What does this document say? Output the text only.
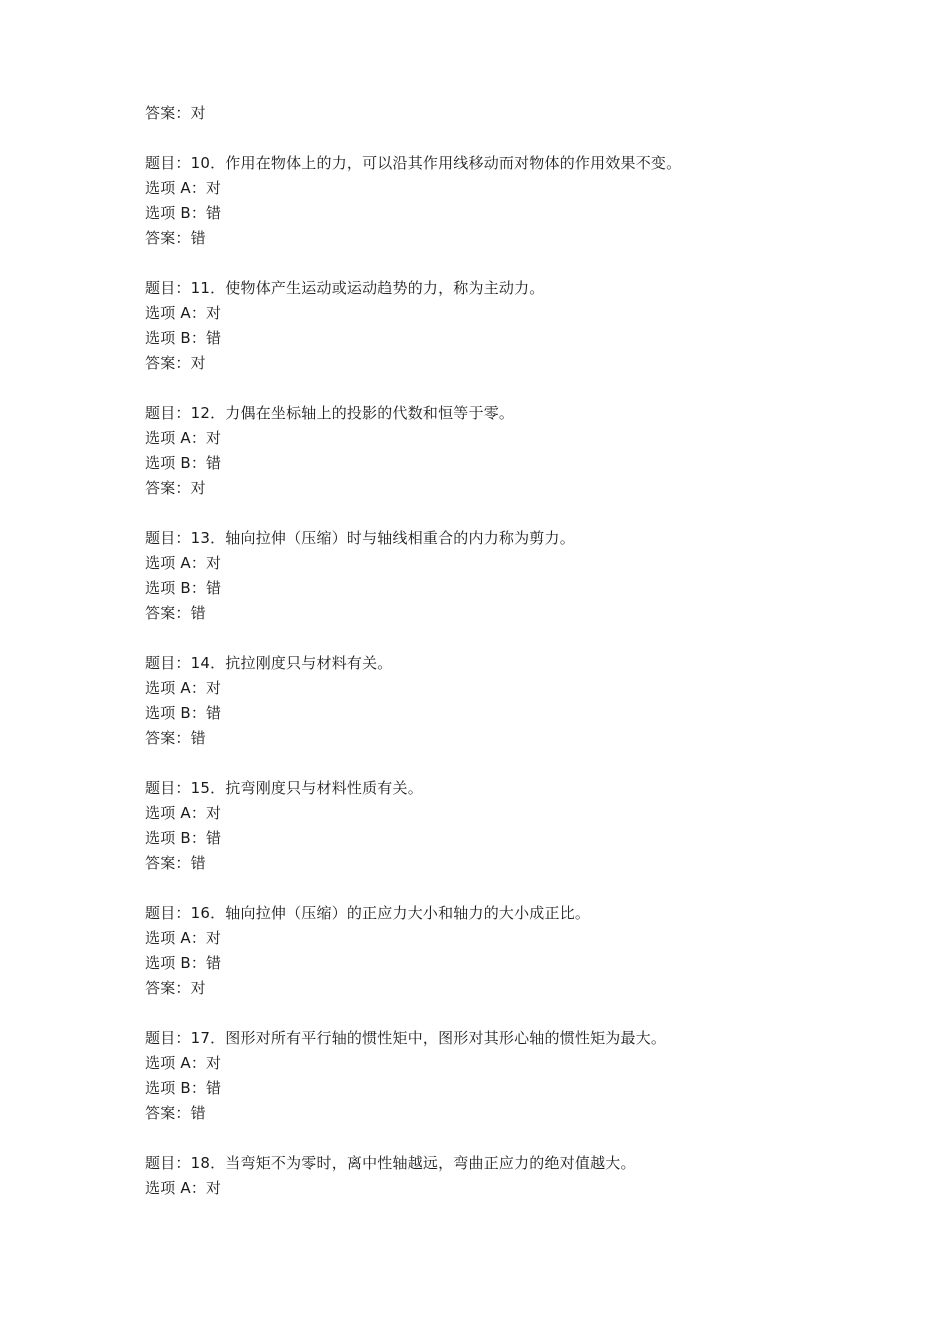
答案：对
题目：10．作用在物体上的力，可以沿其作用线移动而对物体的作用效果不变。
选项 A：对
选项 B：错
答案：错
题目：11．使物体产生运动或运动趋势的力，称为主动力。
选项 A：对
选项 B：错
答案：对
题目：12．力偶在坐标轴上的投影的代数和恒等于零。
选项 A：对
选项 B：错
答案：对
题目：13．轴向拉伸（压缩）时与轴线相重合的内力称为剪力。
选项 A：对
选项 B：错
答案：错
题目：14．抗拉刚度只与材料有关。
选项 A：对
选项 B：错
答案：错
题目：15．抗弯刚度只与材料性质有关。
选项 A：对
选项 B：错
答案：错
题目：16．轴向拉伸（压缩）的正应力大小和轴力的大小成正比。
选项 A：对
选项 B：错
答案：对
题目：17．图形对所有平行轴的惯性矩中，图形对其形心轴的惯性矩为最大。
选项 A：对
选项 B：错
答案：错
题目：18．当弯矩不为零时，离中性轴越远，弯曲正应力的绝对值越大。
选项 A：对
